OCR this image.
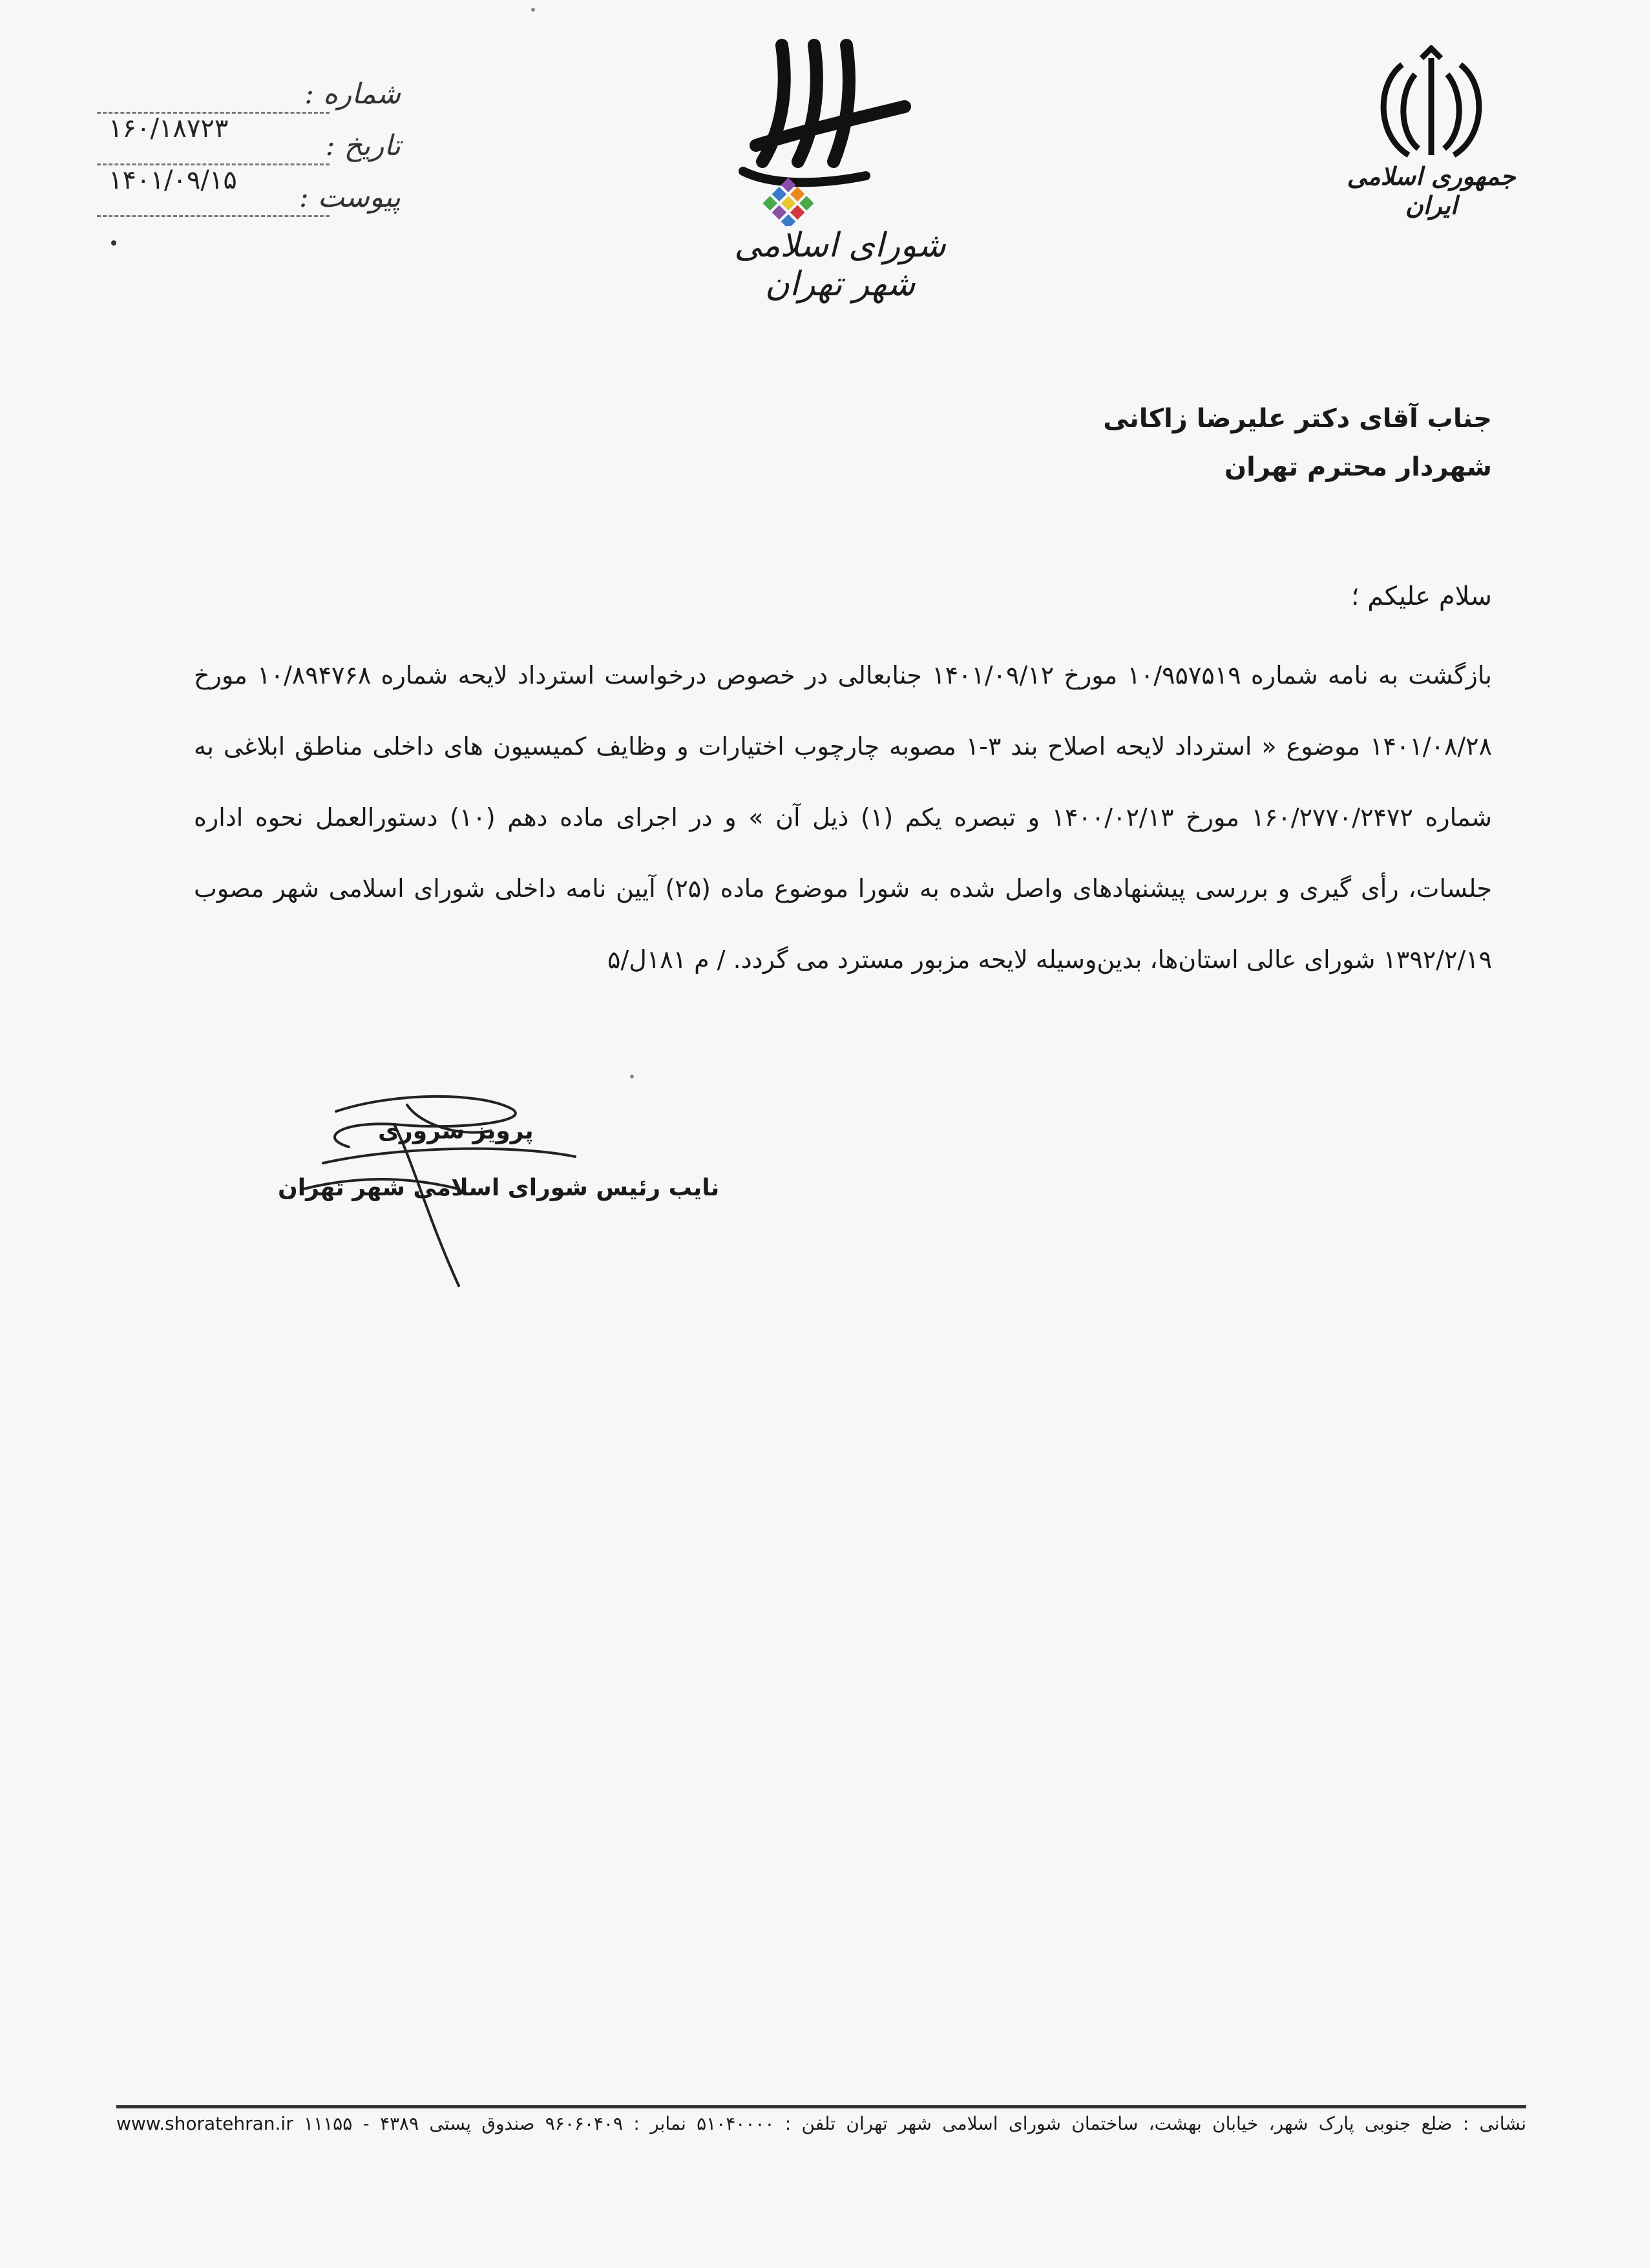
شماره :
تاریخ :
۱۶۰/۱۸۷۲۳
پیوست :
۱۴۰۱/۰۹/۱۵
شورای اسلامی شهر تهران
جمهوری اسلامی ایران
جناب آقای دکتر علیرضا زاکانی
شهردار محترم تهران
سلام علیکم ؛
بازگشت به نامه شماره ۱۰/۹۵۷۵۱۹ مورخ ۱۴۰۱/۰۹/۱۲ جنابعالی در خصوص درخواست استرداد لایحه شماره ۱۰/۸۹۴۷۶۸ مورخ ۱۴۰۱/۰۸/۲۸ موضوع « استرداد لایحه اصلاح بند ۳-۱ مصوبه چارچوب اختیارات و وظایف کمیسیون های داخلی مناطق ابلاغی به شماره ۱۶۰/۲۷۷۰/۲۴۷۲ مورخ ۱۴۰۰/۰۲/۱۳ و تبصره یکم (۱) ذیل آن » و در اجرای ماده دهم (۱۰) دستورالعمل نحوه اداره جلسات، رأی گیری و بررسی پیشنهادهای واصل شده به شورا موضوع ماده (۲۵) آیین نامه داخلی شورای اسلامی شهر مصوب ۱۳۹۲/۲/۱۹ شورای عالی استان‌ها، بدین‌وسیله لایحه مزبور مسترد می گردد. / م ۱۸۱ل/۵
پرویز سروری
نایب رئیس شورای اسلامی شهر تهران
نشانی : ضلع جنوبی پارک شهر، خیابان بهشت، ساختمان شورای اسلامی شهر تهران تلفن : ۵۱۰۴۰۰۰۰ نمابر : ۹۶۰۶۰۴۰۹ صندوق پستی ۴۳۸۹ - ۱۱۱۵۵ www.shoratehran.ir
